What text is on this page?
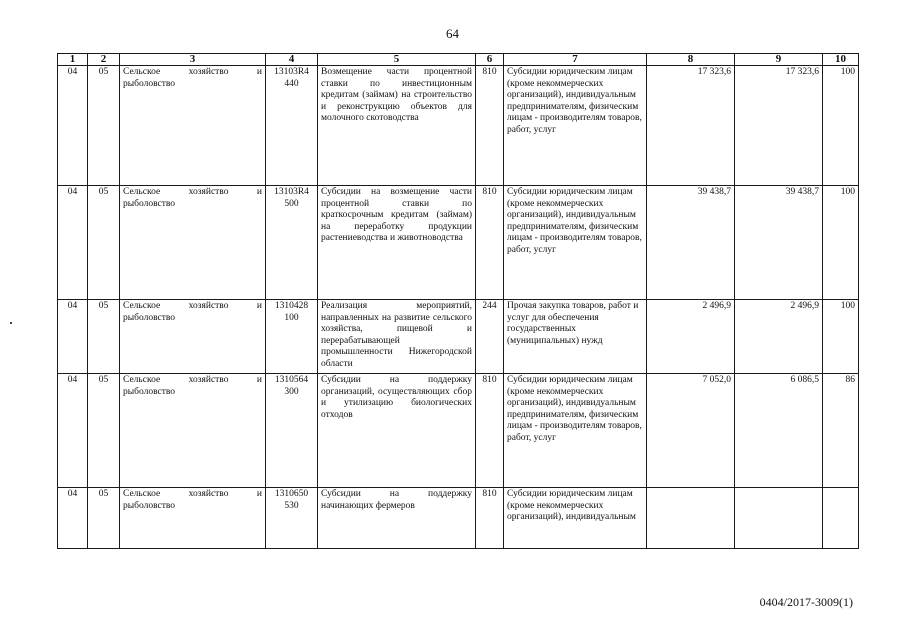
64
1	2	3	4	5	6	7	8	9	10
04	05	Сельское хозяйство и рыболовство	13103R4 440	Возмещение части процентной ставки по инвестиционным кредитам (займам) на строительство и реконструкцию объектов для молочного скотоводства	810	Субсидии юридическим лицам (кроме некоммерческих организаций), индивидуальным предпринимателям, физическим лицам - производителям товаров, работ, услуг	17 323,6	17 323,6	100
04	05	Сельское хозяйство и рыболовство	13103R4 500	Субсидии на возмещение части процентной ставки по краткосрочным кредитам (займам) на переработку продукции растениеводства и животноводства	810	Субсидии юридическим лицам (кроме некоммерческих организаций), индивидуальным предпринимателям, физическим лицам - производителям товаров, работ, услуг	39 438,7	39 438,7	100
04	05	Сельское хозяйство и рыболовство	1310428 100	Реализация мероприятий, направленных на развитие сельского хозяйства, пищевой и перерабатывающей промышленности Нижегородской области	244	Прочая закупка товаров, работ и услуг для обеспечения государственных (муниципальных) нужд	2 496,9	2 496,9	100
04	05	Сельское хозяйство и рыболовство	1310564 300	Субсидии на поддержку организаций, осуществляющих сбор и утилизацию биологических отходов	810	Субсидии юридическим лицам (кроме некоммерческих организаций), индивидуальным предпринимателям, физическим лицам - производителям товаров, работ, услуг	7 052,0	6 086,5	86
04	05	Сельское хозяйство и рыболовство	1310650 530	Субсидии на поддержку начинающих фермеров	810	Субсидии юридическим лицам (кроме некоммерческих организаций), индивидуальным			

0404/2017-3009(1)
